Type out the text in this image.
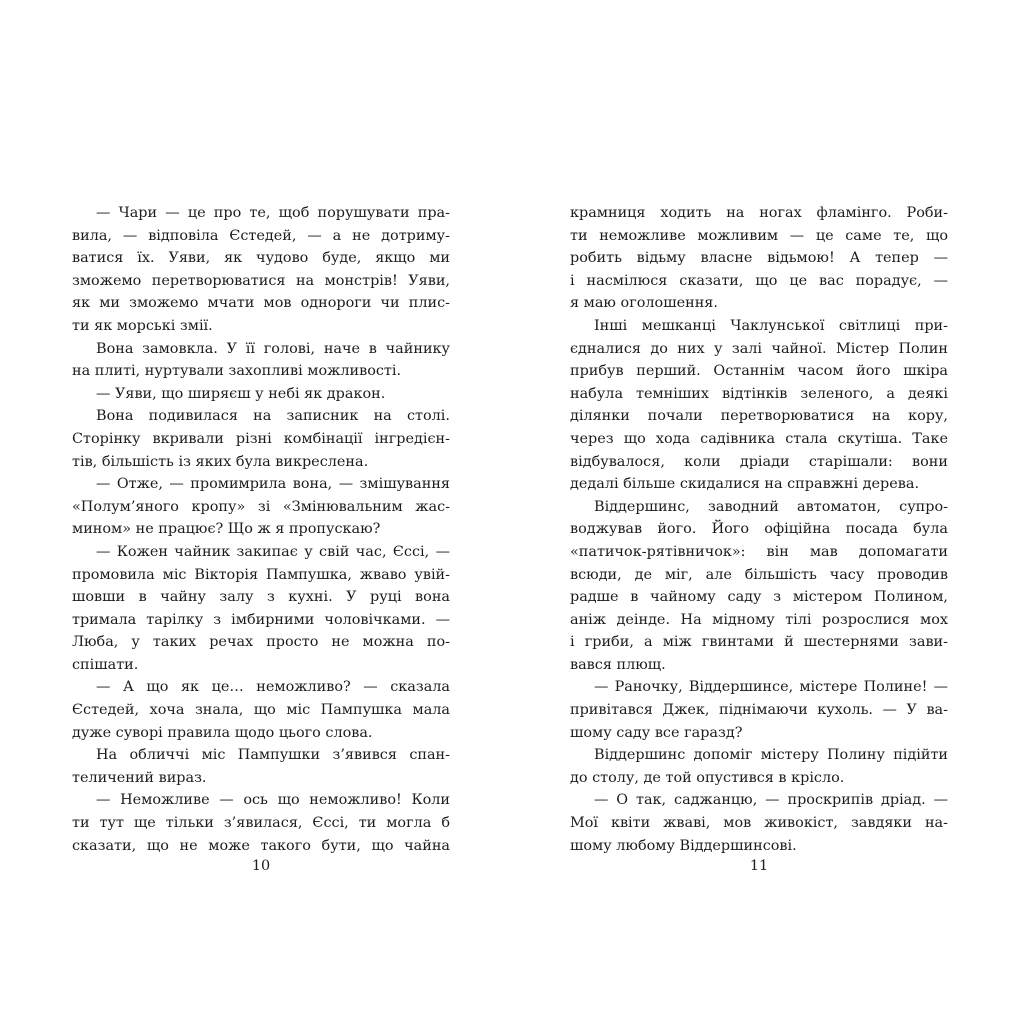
— Чари — це про те, щоб порушувати пра-
вила, — відповіла Єстедей, — а не дотриму-
ватися їх. Уяви, як чудово буде, якщо ми
зможемо перетворюватися на монстрів! Уяви,
як ми зможемо мчати мов однороги чи плис-
ти як морські змії.
Вона замовкла. У її голові, наче в чайнику
на плиті, нуртували захопливі можливості.
— Уяви, що ширяєш у небі як дракон.
Вона подивилася на записник на столі.
Сторінку вкривали різні комбінації інгредієн-
тів, більшість із яких була викреслена.
— Отже, — промимрила вона, — змішування
«Полум’яного кропу» зі «Змінювальним жас-
мином» не працює? Що ж я пропускаю?
— Кожен чайник закипає у свій час, Єссі, —
промовила міс Вікторія Пампушка, жваво увій-
шовши в чайну залу з кухні. У руці вона
тримала тарілку з імбирними чоловічками. —
Люба, у таких речах просто не можна по-
спішати.
— А що як це… неможливо? — сказала
Єстедей, хоча знала, що міс Пампушка мала
дуже суворі правила щодо цього слова.
На обличчі міс Пампушки з’явився спан-
теличений вираз.
— Неможливе — ось що неможливо! Коли
ти тут ще тільки з’явилася, Єссі, ти могла б
сказати, що не може такого бути, що чайна
10
крамниця ходить на ногах фламінго. Роби-
ти неможливе можливим — це саме те, що
робить відьму власне відьмою! А тепер —
і насмілюся сказати, що це вас порадує, —
я маю оголошення.
Інші мешканці Чаклунської світлиці при-
єдналися до них у залі чайної. Містер Полин
прибув перший. Останнім часом його шкіра
набула темніших відтінків зеленого, а деякі
ділянки почали перетворюватися на кору,
через що хода садівника стала скутіша. Таке
відбувалося, коли дріади старішали: вони
дедалі більше скидалися на справжні дерева.
Віддершинс, заводний автоматон, супро-
воджував його. Його офіційна посада була
«патичок-рятівничок»: він мав допомагати
всюди, де міг, але більшість часу проводив
радше в чайному саду з містером Полином,
аніж деінде. На мідному тілі розрослися мох
і гриби, а між гвинтами й шестернями зави-
вався плющ.
— Раночку, Віддершинсе, містере Полине! —
привітався Джек, піднімаючи кухоль. — У ва-
шому саду все гаразд?
Віддершинс допоміг містеру Полину підійти
до столу, де той опустився в крісло.
— О так, саджанцю, — проскрипів дріад. —
Мої квіти жваві, мов живокіст, завдяки на-
шому любому Віддершинсові.
11
